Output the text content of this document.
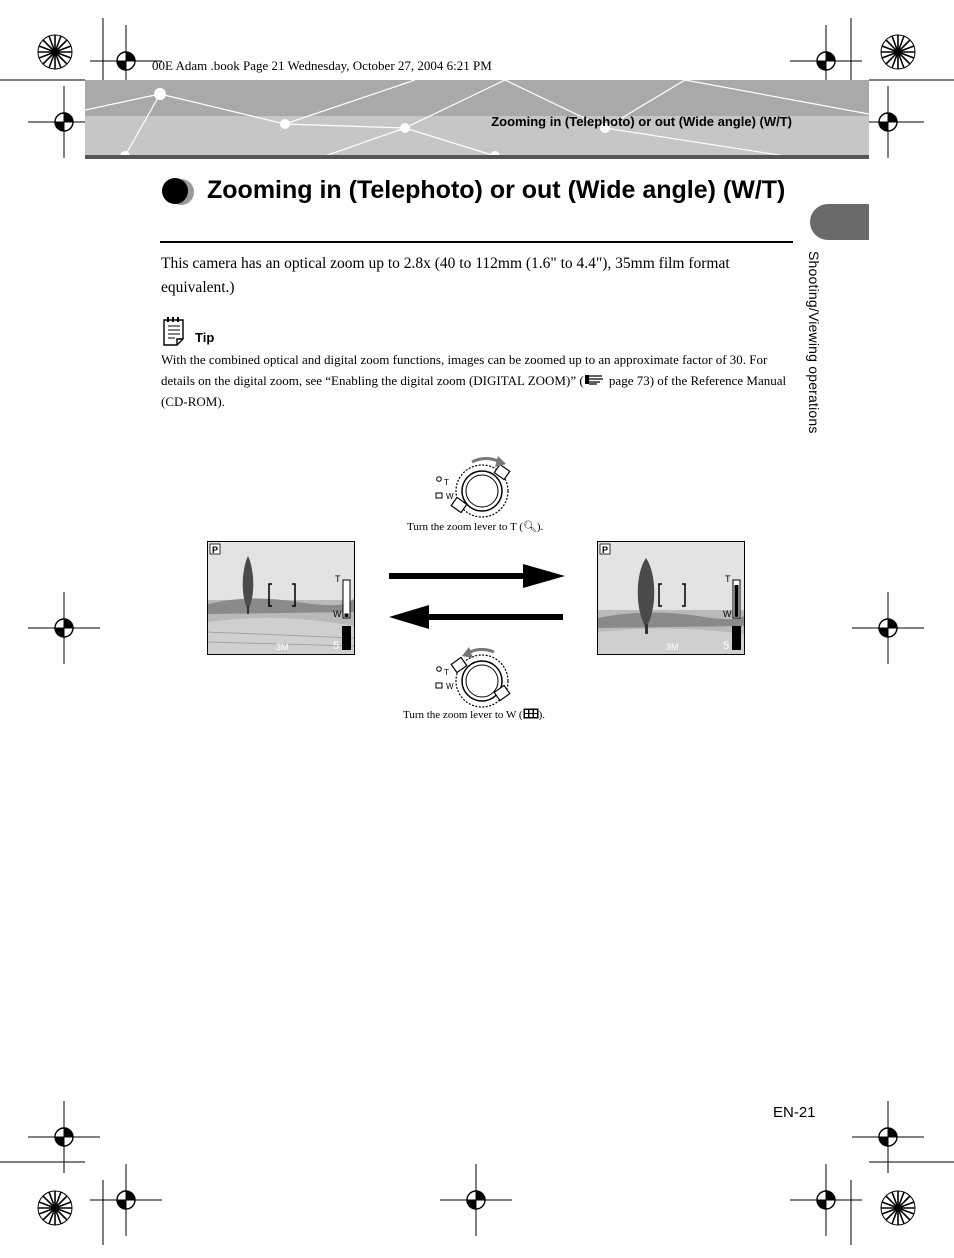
00E Adam .book Page 21 Wednesday, October 27, 2004 6:21 PM
Zooming in (Telephoto) or out (Wide angle) (W/T)
Shooting/Viewing operations
Zooming in (Telephoto) or out (Wide angle) (W/T)
This camera has an optical zoom up to 2.8x (40 to 112mm (1.6" to 4.4"), 35mm film format equivalent.)
Tip
With the combined optical and digital zoom functions, images can be zoomed up to an approximate factor of 30. For details on the digital zoom, see “Enabling the digital zoom (DIGITAL ZOOM)” ( page 73) of the Reference Manual (CD-ROM).
T
W
Turn the zoom lever to T (🔍︎).
P
T
W
3M	5
P
T
W
3M	5
T
W
Turn the zoom lever to W ( ).
EN-21
